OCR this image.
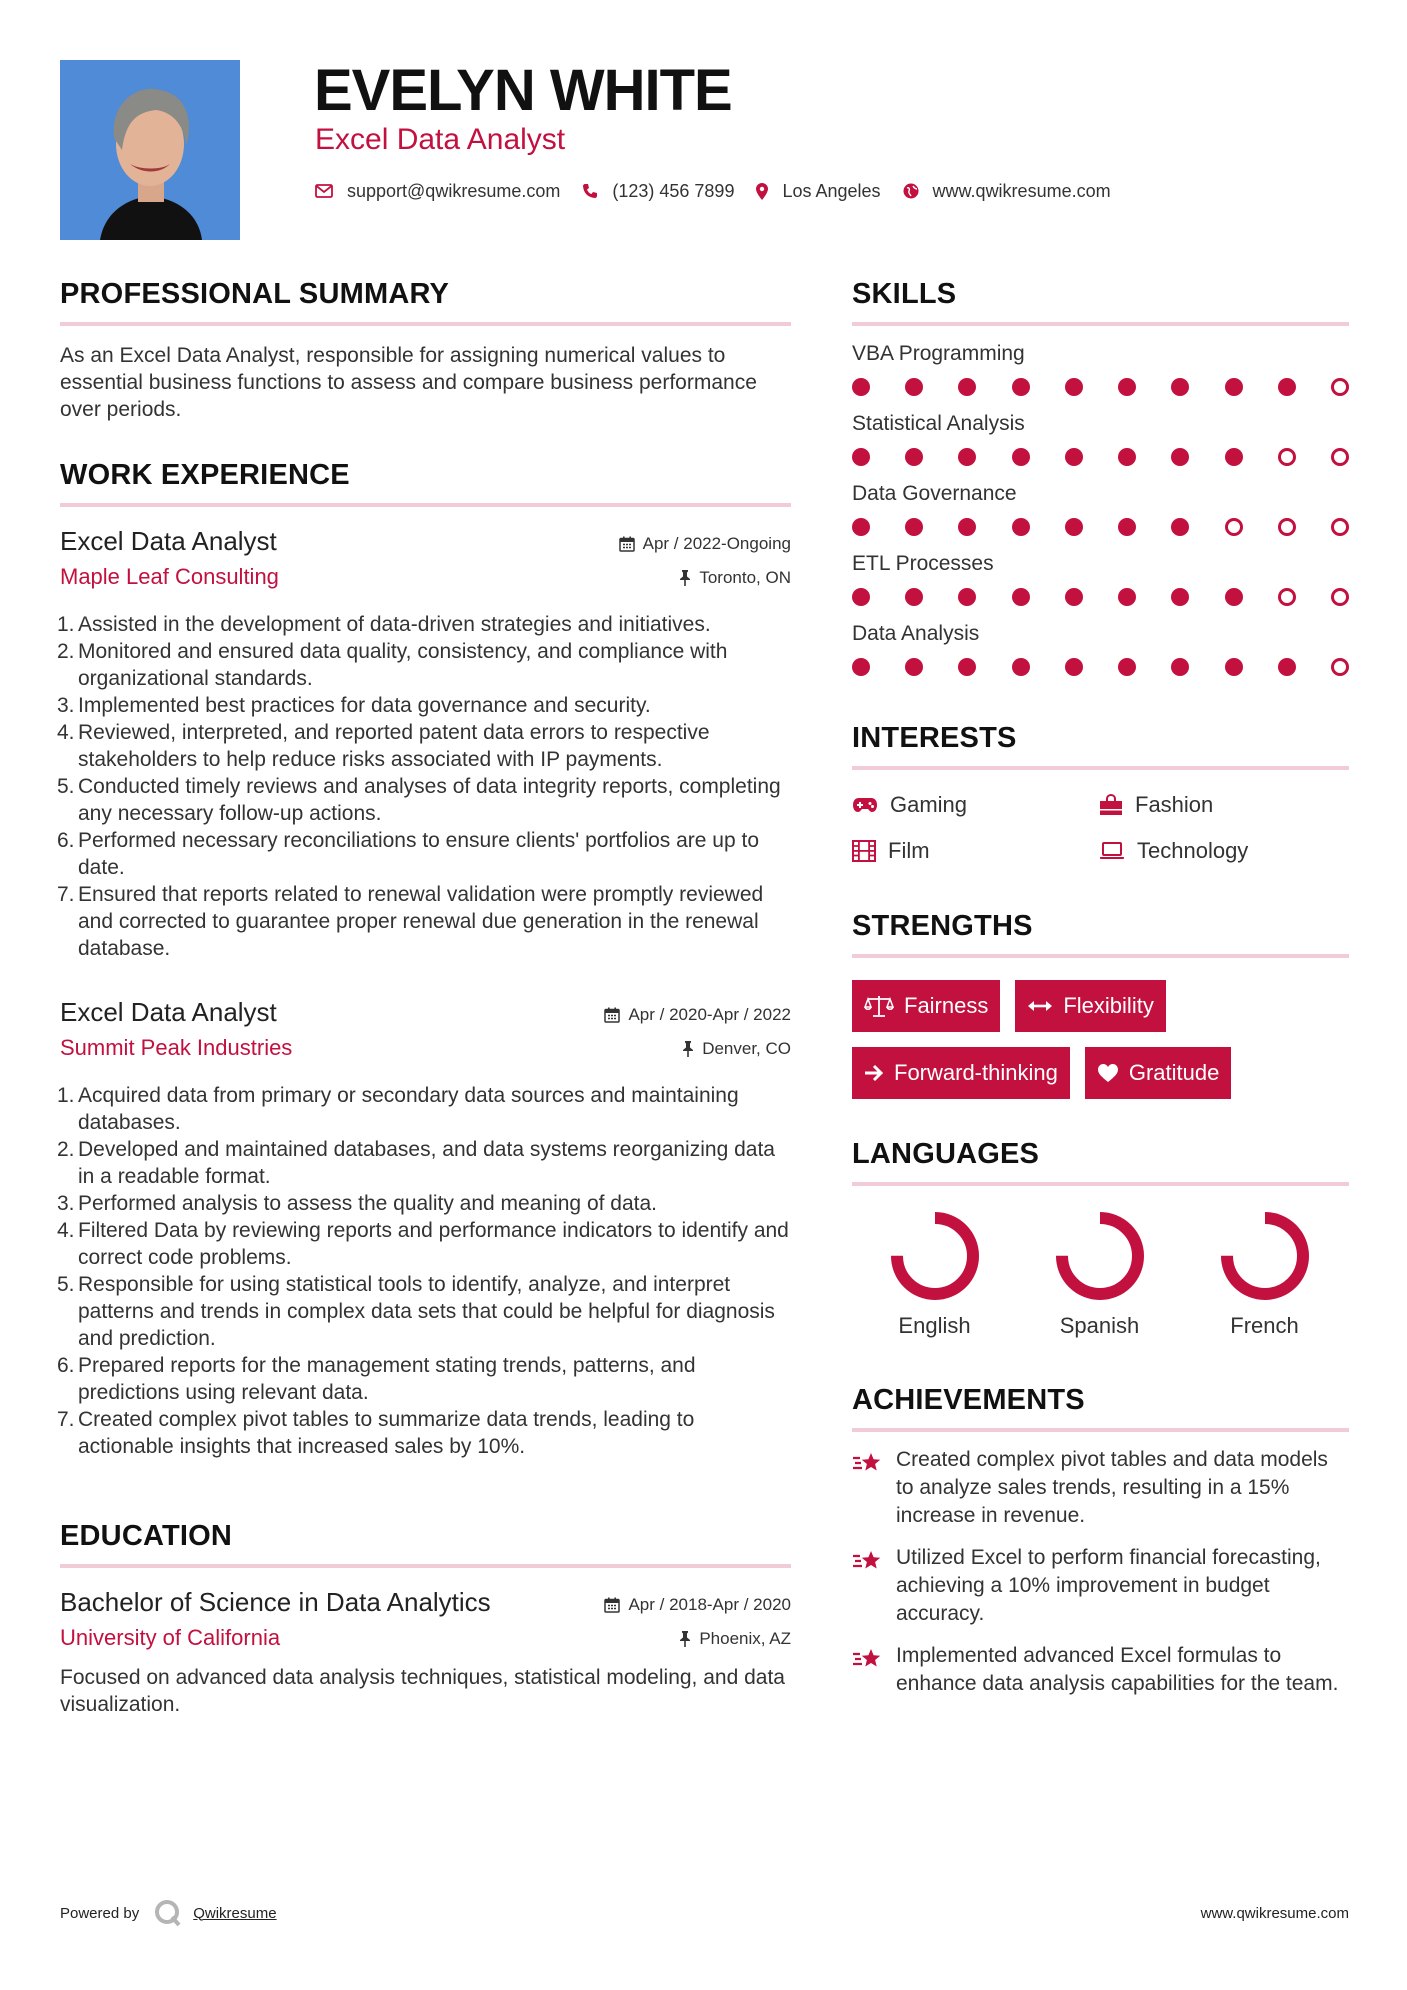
EVELYN WHITE
Excel Data Analyst
support@qwikresume.com	(123) 456 7899	Los Angeles	www.qwikresume.com
PROFESSIONAL SUMMARY
As an Excel Data Analyst, responsible for assigning numerical values to essential business functions to assess and compare business performance over periods.
WORK EXPERIENCE
Excel Data Analyst
Maple Leaf Consulting
Apr / 2022-Ongoing
Toronto, ON
1. Assisted in the development of data-driven strategies and initiatives.
2. Monitored and ensured data quality, consistency, and compliance with organizational standards.
3. Implemented best practices for data governance and security.
4. Reviewed, interpreted, and reported patent data errors to respective stakeholders to help reduce risks associated with IP payments.
5. Conducted timely reviews and analyses of data integrity reports, completing any necessary follow-up actions.
6. Performed necessary reconciliations to ensure clients' portfolios are up to date.
7. Ensured that reports related to renewal validation were promptly reviewed and corrected to guarantee proper renewal due generation in the renewal database.
Excel Data Analyst
Summit Peak Industries
Apr / 2020-Apr / 2022
Denver, CO
1. Acquired data from primary or secondary data sources and maintaining databases.
2. Developed and maintained databases, and data systems reorganizing data in a readable format.
3. Performed analysis to assess the quality and meaning of data.
4. Filtered Data by reviewing reports and performance indicators to identify and correct code problems.
5. Responsible for using statistical tools to identify, analyze, and interpret patterns and trends in complex data sets that could be helpful for diagnosis and prediction.
6. Prepared reports for the management stating trends, patterns, and predictions using relevant data.
7. Created complex pivot tables to summarize data trends, leading to actionable insights that increased sales by 10%.
EDUCATION
Bachelor of Science in Data Analytics
University of California
Apr / 2018-Apr / 2020
Phoenix, AZ
Focused on advanced data analysis techniques, statistical modeling, and data visualization.
SKILLS
VBA Programming
Statistical Analysis
Data Governance
ETL Processes
Data Analysis
INTERESTS
Gaming	Fashion
Film	Technology
STRENGTHS
Fairness	Flexibility
Forward-thinking	Gratitude
LANGUAGES
English	Spanish	French
ACHIEVEMENTS
Created complex pivot tables and data models to analyze sales trends, resulting in a 15% increase in revenue.
Utilized Excel to perform financial forecasting, achieving a 10% improvement in budget accuracy.
Implemented advanced Excel formulas to enhance data analysis capabilities for the team.
Powered by	Qwikresume	www.qwikresume.com
